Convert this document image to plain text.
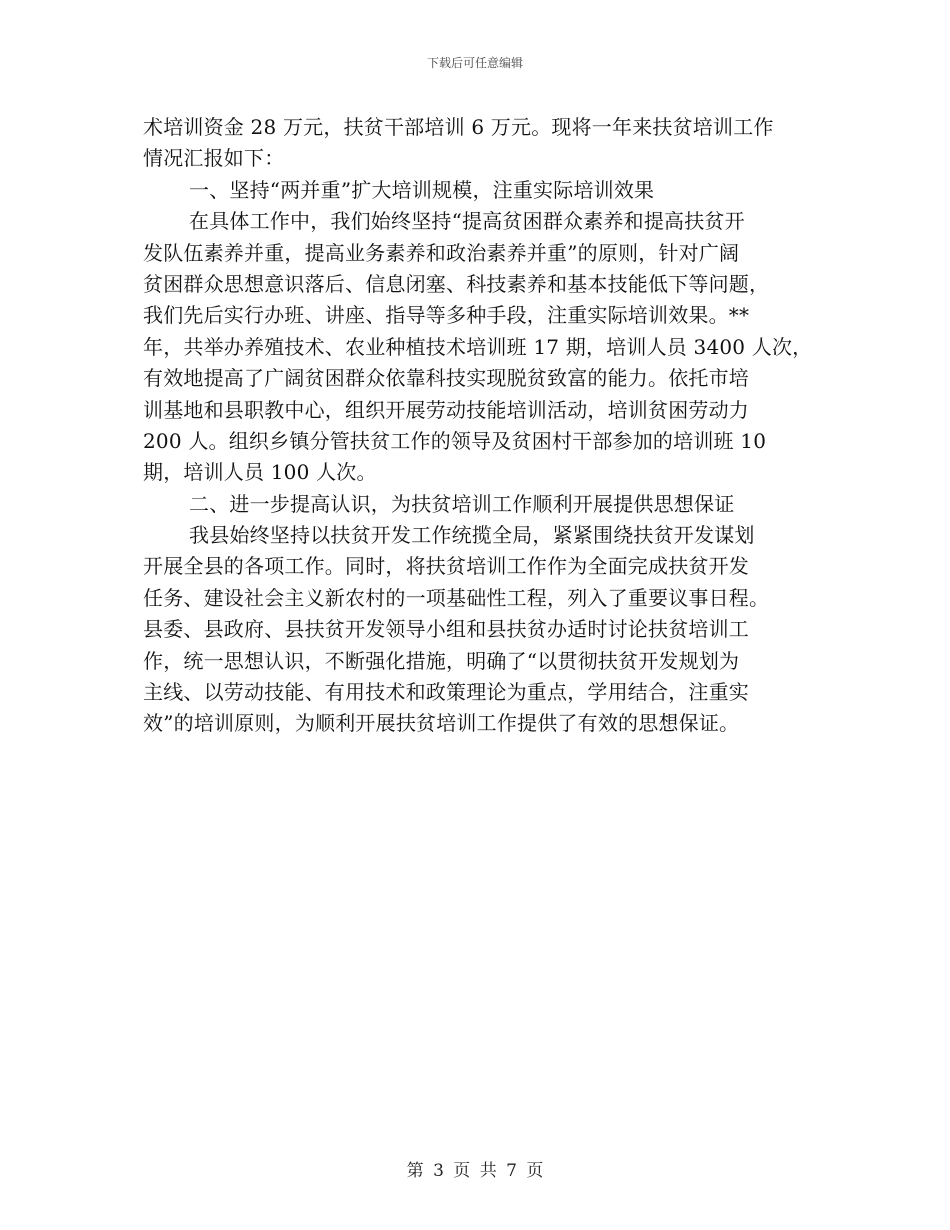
下载后可任意编辑
术培训资金 28 万元，扶贫干部培训 6 万元。现将一年来扶贫培训工作
情况汇报如下：
一、坚持“两并重”扩大培训规模，注重实际培训效果
在具体工作中，我们始终坚持“提高贫困群众素养和提高扶贫开
发队伍素养并重，提高业务素养和政治素养并重”的原则，针对广阔
贫困群众思想意识落后、信息闭塞、科技素养和基本技能低下等问题，
我们先后实行办班、讲座、指导等多种手段，注重实际培训效果。**
年，共举办养殖技术、农业种植技术培训班 17 期，培训人员 3400 人次，
有效地提高了广阔贫困群众依靠科技实现脱贫致富的能力。依托市培
训基地和县职教中心，组织开展劳动技能培训活动，培训贫困劳动力
200 人。组织乡镇分管扶贫工作的领导及贫困村干部参加的培训班 10
期，培训人员 100 人次。
二、进一步提高认识，为扶贫培训工作顺利开展提供思想保证
我县始终坚持以扶贫开发工作统揽全局，紧紧围绕扶贫开发谋划
开展全县的各项工作。同时，将扶贫培训工作作为全面完成扶贫开发
任务、建设社会主义新农村的一项基础性工程，列入了重要议事日程。
县委、县政府、县扶贫开发领导小组和县扶贫办适时讨论扶贫培训工
作，统一思想认识，不断强化措施，明确了“以贯彻扶贫开发规划为
主线、以劳动技能、有用技术和政策理论为重点，学用结合，注重实
效”的培训原则，为顺利开展扶贫培训工作提供了有效的思想保证。
第 3 页 共 7 页
